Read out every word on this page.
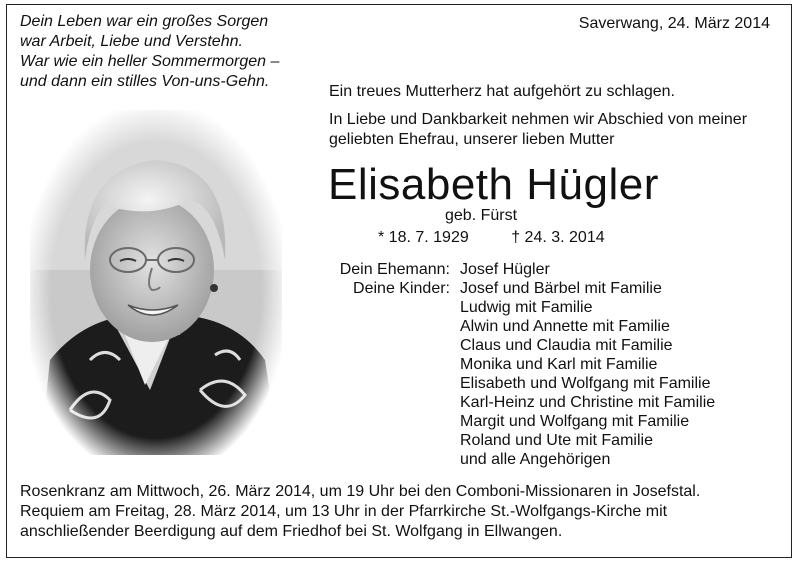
Dein Leben war ein großes Sorgen
war Arbeit, Liebe und Verstehn.
War wie ein heller Sommermorgen –
und dann ein stilles Von-uns-Gehn.
Saverwang, 24. März 2014
Ein treues Mutterherz hat aufgehört zu schlagen.
In Liebe und Dankbarkeit nehmen wir Abschied von meiner
geliebten Ehefrau, unserer lieben Mutter
Elisabeth Hügler
geb. Fürst
* 18. 7. 1929	† 24. 3. 2014
Dein Ehemann: Josef Hügler
Deine Kinder: Josef und Bärbel mit Familie
Ludwig mit Familie
Alwin und Annette mit Familie
Claus und Claudia mit Familie
Monika und Karl mit Familie
Elisabeth und Wolfgang mit Familie
Karl-Heinz und Christine mit Familie
Margit und Wolfgang mit Familie
Roland und Ute mit Familie
und alle Angehörigen
Rosenkranz am Mittwoch, 26. März 2014, um 19 Uhr bei den Comboni-Missionaren in Josefstal.
Requiem am Freitag, 28. März 2014, um 13 Uhr in der Pfarrkirche St.-Wolfgangs-Kirche mit
anschließender Beerdigung auf dem Friedhof bei St. Wolfgang in Ellwangen.
